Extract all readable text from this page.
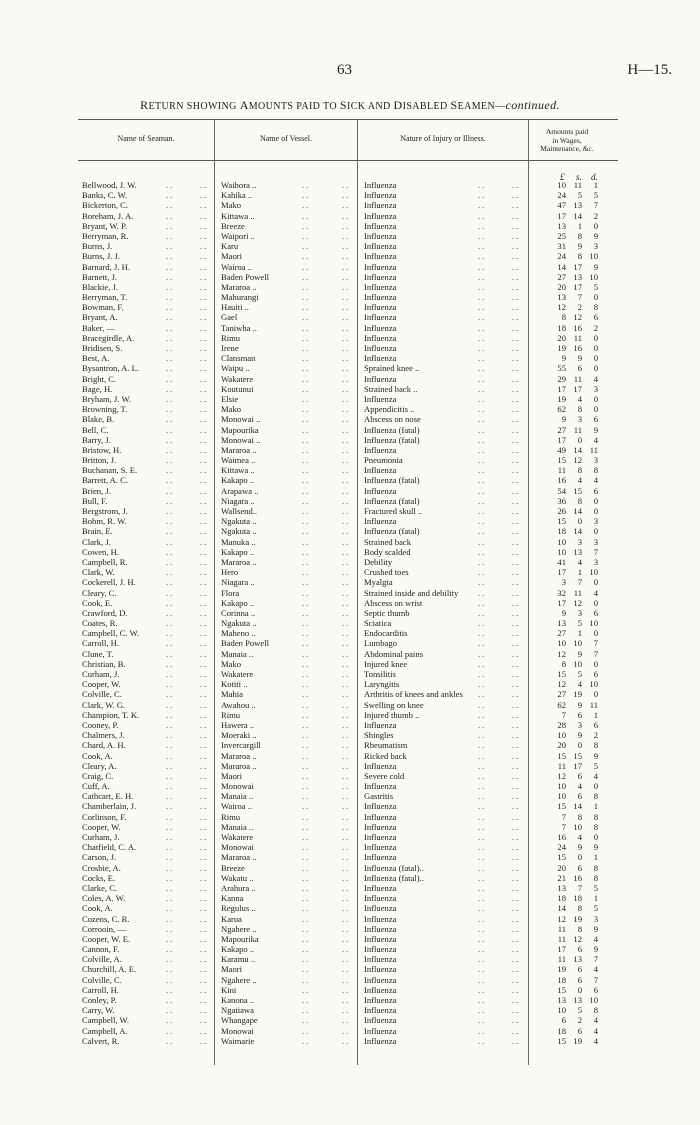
63	H—15.
RETURN SHOWING AMOUNTS PAID TO SICK AND DISABLED SEAMEN—continued.
Name of Seaman.	Name of Vessel.	Nature of Injury or Illness.
Amounts paid
in Wages,
Maintenance, &c.
£ s. d.
Bellwood, J. W.	..	.. Waihora ..	..	.. Influenza	..	..	10 11	1
Banks, C. W.	..	.. Kahika ..	..	.. Influenza	..	..	24	5	5
Bickerton, C.	..	.. Mako	..	.. Influenza	..	..	47 13	7
Boreham, J. A.	..	.. Kittawa ..	..	.. Influenza	..	..	17 14	2
Bryant, W. P.	..	.. Breeze	..	.. Influenza	..	..	13	1	0
Berryman, R.	..	.. Waipori ..	..	.. Influenza	..	..	25	8	9
Burns, J.	..	.. Karu	..	.. Influenza	..	..	31	9	3
Burns, J. J.	..	.. Maori	..	.. Influenza	..	..	24	8 10
Barnard, J. H.	..	.. Wairoa ..	..	.. Influenza	..	..	14 17	9
Barnett, J.	..	.. Baden Powell	..	.. Influenza	..	..	27 13 10
Blackie, J.	..	.. Mararoa ..	..	.. Influenza	..	..	20 17	5
Berryman, T.	..	.. Mahurangi	..	.. Influenza	..	..	13	7	0
Bowman, F.	..	.. Hauiti ..	..	.. Influenza	..	..	12	2	8
Bryant, A.	..	.. Gael	..	.. Influenza	..	..	8 12	6
Baker, —	..	.. Taniwha ..	..	.. Influenza	..	..	18 16	2
Bracegirdle, A.	..	.. Rimu	..	.. Influenza	..	..	20 11	0
Bridisen, S.	..	.. Irene	..	.. Influenza	..	..	19 16	0
Best, A.	..	.. Clansman	..	.. Influenza	..	..	9	9	0
Bysantron, A. L.	..	.. Waipu ..	..	.. Sprained knee ..	..	..	55	6	0
Bright, C.	..	.. Wakatere	..	.. Influenza	..	..	29 11	4
Bage, H.	..	.. Koutunui	..	.. Strained back ..	..	..	17 17	3
Bryham, J. W.	..	.. Elsie	..	.. Influenza	..	..	19	4	0
Browning, T.	..	.. Mako	..	.. Appendicitis ..	..	..	62	8	0
Blake, B.	..	.. Monowai ..	..	.. Abscess on nose	..	..	9	3	6
Bell, C.	..	.. Mapourika	..	.. Influenza (fatal)	..	..	27 11	9
Barry, J.	..	.. Monowai ..	..	.. Influenza (fatal)	..	..	17	0	4
Bristow, H.	..	.. Mararoa ..	..	.. Influenza	..	..	49 14 11
Britton, J.	..	.. Waimea ..	..	.. Pneumonia	..	..	15 12	3
Buchanan, S. E.	..	.. Kittawa ..	..	.. Influenza	..	..	11	8	8
Barrett, A. C.	..	.. Kakapo ..	..	.. Influenza (fatal)	..	..	16	4	4
Brien, J.	..	.. Arapawa ..	..	.. Influenza	..	..	54 15	6
Bull, F.	..	.. Niagara ..	..	.. Influenza (fatal)	..	..	36	8	0
Bergstrom, J.	..	.. Wallsend..	..	.. Fractured skull ..	..	..	26 14	0
Bohm, R. W.	..	.. Ngakuta ..	..	.. Influenza	..	..	15	0	3
Brain, E.	..	.. Ngakuta ..	..	.. Influenza (fatal)	..	..	18 14	0
Clark, J.	..	.. Manuka ..	..	.. Strained back	..	..	10	3	3
Cowen, H.	..	.. Kakapo ..	..	.. Body scalded	..	..	10 13	7
Campbell, R.	..	.. Mararoa ..	..	.. Debility	..	..	41	4	3
Clark, W.	..	.. Hero	..	.. Crushed toes	..	..	17	1 10
Cockerell, J. H.	..	.. Niagara ..	..	.. Myalgia	..	..	3	7	0
Cleary, C.	..	.. Flora	..	.. Strained inside and debility ..	..	32 11	4
Cook, E.	..	.. Kakapo ..	..	.. Abscess on wrist	..	..	17 12	0
Crawford, D.	..	.. Corinna ..	..	.. Septic thumb	..	..	9	3	6
Coates, R.	..	.. Ngakuta ..	..	.. Sciatica	..	..	13	5 10
Campbell, C. W.	..	.. Maheno ..	..	.. Endocarditis	..	..	27	1	0
Carroll, H.	..	.. Baden Powell	..	.. Lumbago	..	..	10 10	7
Clune, T.	..	.. Manaia ..	..	.. Abdominal pains	..	..	12	9	7
Christian, B.	..	.. Mako	..	.. Injured knee	..	..	8 10	0
Curham, J.	..	.. Wakatere	..	.. Tonsilitis	..	..	15	5	6
Cooper, W.	..	.. Kotiti ..	..	.. Laryngitis	..	..	12	4 10
Colville, C.	..	.. Mahia	..	.. Arthritis of knees and ankles ..	..	27 19	0
Clark, W. G.	..	.. Awahou ..	..	.. Swelling on knee	..	..	62	9 11
Champion, T. K.	..	.. Rimu	..	.. Injured thumb ..	..	..	7	6	1
Cooney, P.	..	.. Hawera ..	..	.. Influenza	..	..	28	3	6
Chalmers, J.	..	.. Moeraki ..	..	.. Shingles	..	..	10	9	2
Chard, A. H.	..	.. Invercargill	..	.. Rheumatism	..	..	20	0	8
Cook, A.	..	.. Mararoa ..	..	.. Ricked back	..	..	15 15	9
Cleary, A.	..	.. Mararoa ..	..	.. Influenza	..	..	11 17	5
Craig, C.	..	.. Maori	..	.. Severe cold	..	..	12	6	4
Cuff, A.	..	.. Monowai	..	.. Influenza	..	..	10	4	0
Cathcart, E. H.	..	.. Manaia ..	..	.. Gastritis	..	..	10	6	8
Chamberlain, J.	..	.. Wairoa ..	..	.. Influenza	..	..	15 14	1
Corlinson, F.	..	.. Rimu	..	.. Influenza	..	..	7	8	8
Cooper, W.	..	.. Manaia ..	..	.. Influenza	..	..	7 10	8
Curham, J.	..	.. Wakatere	..	.. Influenza	..	..	16	4	0
Chatfield, C. A.	..	.. Monowai	..	.. Influenza	..	..	24	9	9
Carson, J.	..	.. Mararoa ..	..	.. Influenza	..	..	15	0	1
Crosbie, A.	..	.. Breeze	..	.. Influenza (fatal)..	..	..	20	6	8
Cocks, E.	..	.. Wakatu ..	..	.. Influenza (fatal)..	..	..	21 16	8
Clarke, C.	..	.. Arahura ..	..	.. Influenza	..	..	13	7	5
Coles, A. W.	..	.. Kanna	..	.. Influenza	..	..	18 18	1
Cook, A.	..	.. Regulus ..	..	.. Influenza	..	..	14	8	5
Cozens, C. R.	..	.. Karua	..	.. Influenza	..	..	12 19	3
Corrooin, —	..	.. Ngahere ..	..	.. Influenza	..	..	11	8	9
Cooper, W. E.	..	.. Mapourika	..	.. Influenza	..	..	11 12	4
Cannon, F.	..	.. Kakapo ..	..	.. Influenza	..	..	17	6	9
Colville, A.	..	.. Karamu ..	..	.. Influenza	..	..	11 13	7
Churchill, A. E.	..	.. Maori	..	.. Influenza	..	..	19	6	4
Colville, C.	..	.. Ngahere ..	..	.. Influenza	..	..	18	6	7
Carroll, H.	..	.. Kini	..	.. Influenza	..	..	15	0	6
Conley, P.	..	.. Kanona ..	..	.. Influenza	..	..	13 13 10
Carry, W.	..	.. Ngatiawa	..	.. Influenza	..	..	10	5	8
Campbell, W.	..	.. Whangape	..	.. Influenza	..	..	6	2	4
Campbell, A.	..	.. Monowai	..	.. Influenza	..	..	18	6	4
Calvert, R.	..	.. Waimarie	..	.. Influenza	..	..	15 19	4
